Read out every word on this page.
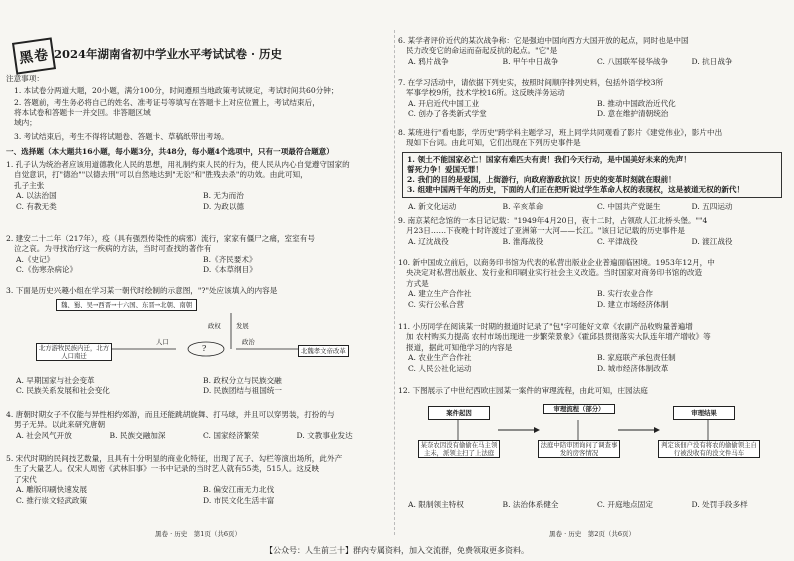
黑卷 2024年湖南省初中学业水平考试试卷 · 历史
注意事项：
1. 本试卷分两道大题，20小题，满分100分，时间遵照当地政策考试规定，考试时间共60分钟；
2. 答题前，考生务必将自己的姓名、准考证号等填写在答题卡上对应位置上，考试结束后，
将本试卷和答题卡一并交回。非答题区域
域内；
3. 考试结束后，考生不得将试题卷、答题卡、草稿纸带出考场。
一、选择题（本大题共16小题，每小题3分，共48分，每小题4个选项中，只有一项最符合题意）
1. 孔子认为统治者应该用道德教化人民的思想，用礼制约束人民的行为，使人民从内心自觉遵守国家的
自觉意识，打"德治""以德去刑"可以自然地达到"无讼"和"胜残去杀"的功效。由此可知，
孔子主张
A. 以法治国	B. 无为而治
C. 有教无类	D. 为政以德
2. 建安二十二年（217年），疫（具有强烈传染性的病邪）流行，家家有僵尸之痛，室室有号
泣之哀。为寻找治疗这一疾病的方法，当时可查找的著作有
A.《史记》	B.《齐民要术》
C.《伤寒杂病论》	D.《本草纲目》
3. 下面是历史兴趣小组在学习某一朝代时绘制的示意图，"?"处应该填入的内容是
魏、蜀、吴→西晋→十六国、东晋→北朝、南朝
北方游牧民族内迁，北方人口南迁
?	北魏孝文帝改革
政权 发展
人口	政治
A. 早期国家与社会变革	B. 政权分立与民族交融
C. 民族关系发展和社会变化	D. 民族团结与祖国统一
4. 唐朝时期女子不仅能与异性相约郊游，而且还能跳胡旋舞、打马球，并且可以穿男装，打扮的与
男子无异。以此来研究唐朝
A. 社会风气开放	B. 民族交融加深	C. 国家经济繁荣	D. 文教事业发达
5. 宋代时期的民间技艺数量，且具有十分明显的商业化特征，出现了瓦子、勾栏等演出场所，此外产
生了大量艺人。仅宋人周密《武林旧事》一书中记录的当时艺人就有55类，515人。这反映
了宋代
A. 雕版印刷快速发展	B. 偏安江南无力北伐
C. 推行崇文轻武政策	D. 市民文化生活丰富
黑卷 · 历史　第1页（共6页）
6. 某学者评价近代的某次战争称：它是强迫中国向西方大国开放的起点，同时也是中国
民力改变它的命运而奋起反抗的起点。"它"是
A. 鸦片战争	B. 甲午中日战争	C. 八国联军侵华战争	D. 抗日战争
7. 在学习活动中，请依据下列史实，按照时间顺序排列史料，包括外语学校3所
军事学校9所，技术学校16所。这反映洋务运动
A. 开启近代中国工业	B. 推动中国政治近代化
C. 创办了各类新式学堂	D. 意在维护清朝统治
8. 某班进行"看电影，学历史"跨学科主题学习，班上同学共同观看了影片《建党伟业》，影片中出
现如下台词。由此可知，它们出现在下列历史事件是
1. 领土不能国家必亡！国家有难匹夫有责！我们今天行动，是中国美好未来的先声！
誓死力争！爱国无罪！
2. 我们的目的是爱国，上街游行，向政府游政抗议！历史的变革时刻就在眼前！
3. 组建中国两千年的历史，下面的人们正在把听说过学生革命人权的表现权，这是被道无权的新代！
A. 新文化运动	B. 辛亥革命	C. 中国共产党诞生	D. 五四运动
9. 南京某纪念馆的一本日记记载："1949年4月20日，夜十二时，占领敌人江北桥头堡。""4
月23日……下夜晚十时许渡过了亚洲第一大河——长江。"该日记记载的历史事件是
A. 辽沈战役	B. 淮海战役	C. 平津战役	D. 渡江战役
10. 新中国成立前后，以商务印书馆为代表的私营出版业企业普遍面临困境。1953年12月，中
央决定对私营出版业、发行业和印刷业实行社会主义改造。当时国家对商务印书馆的改造
方式是
A. 建立生产合作社	B. 实行农业合作
C. 实行公私合营	D. 建立市场经济体制
11. 小历同学在阅读某一时期的报道时记录了"包"字可能好文章《农副产品收购量普遍增
加 农村购买力提高 农村市场出现进一步繁荣景象》《霍邱县贯彻落实大队连年增产增收》等
报道，据此可知他学习的内容是
A. 农业生产合作社	B. 家庭联产承包责任制
C. 人民公社化运动	D. 城市经济体制改革
12. 下图展示了中世纪西欧庄园某一案件的审理流程，由此可知，庄园法庭
案件起因	审理流程（部分）	审理结果
某奈农因没有偷偷在马主领主未，派领主扫了上法庭
法庭中陪审团询问了调查事发的房客情况
判定该佃户没有将农的偷偷领主自行被没收有的没文件马车
A. 限制领主特权	B. 法治体系健全	C. 开庭地点固定	D. 处罚手段多样
黑卷 · 历史　第2页（共6页）
【公众号：人生前三十】群内专属资料，加入交流群，免费领取更多资料。
